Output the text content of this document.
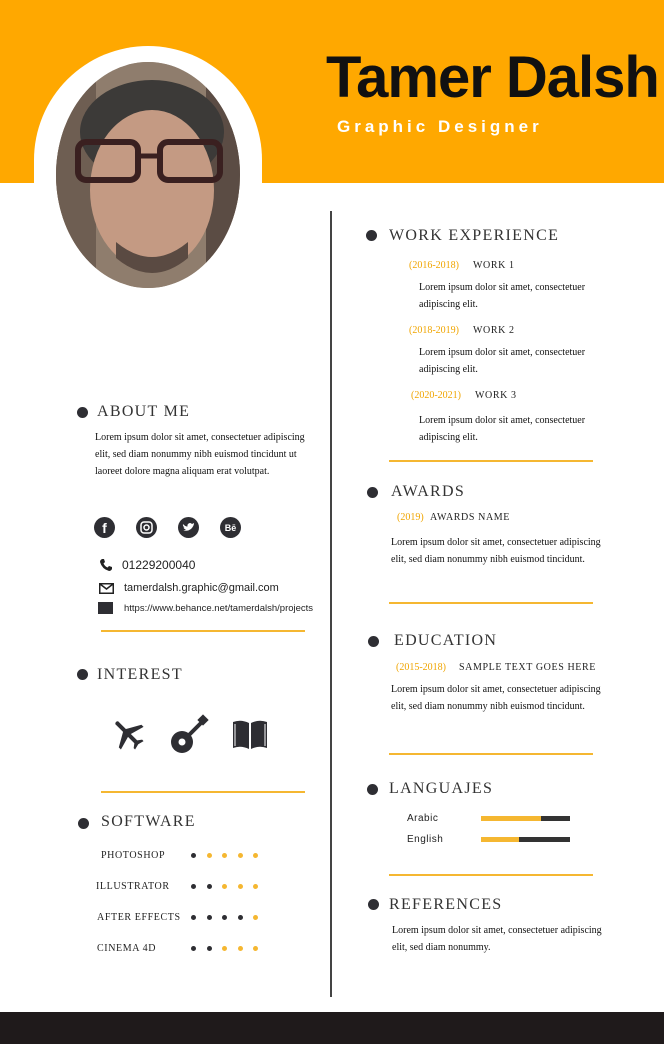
Tamer Dalsh
Graphic Designer
ABOUT ME
Lorem ipsum dolor sit amet, consectetuer adipiscing
elit, sed diam nonummy nibh euismod tincidunt ut
laoreet dolore magna aliquam erat volutpat.
f	Bē
01229200040
tamerdalsh.graphic@gmail.com
https://www.behance.net/tamerdalsh/projects
INTEREST
SOFTWARE
PHOTOSHOP
ILLUSTRATOR
AFTER EFFECTS
CINEMA 4D
WORK EXPERIENCE
(2016-2018) WORK 1
Lorem ipsum dolor sit amet, consectetuer
adipiscing elit.
(2018-2019) WORK 2
Lorem ipsum dolor sit amet, consectetuer
adipiscing elit.
(2020-2021) WORK 3
Lorem ipsum dolor sit amet, consectetuer
adipiscing elit.
AWARDS
(2019) AWARDS NAME
Lorem ipsum dolor sit amet, consectetuer adipiscing
elit, sed diam nonummy nibh euismod tincidunt.
EDUCATION
(2015-2018) SAMPLE TEXT GOES HERE
Lorem ipsum dolor sit amet, consectetuer adipiscing
elit, sed diam nonummy nibh euismod tincidunt.
LANGUAJES
Arabic
English
REFERENCES
Lorem ipsum dolor sit amet, consectetuer adipiscing
elit, sed diam nonummy.
